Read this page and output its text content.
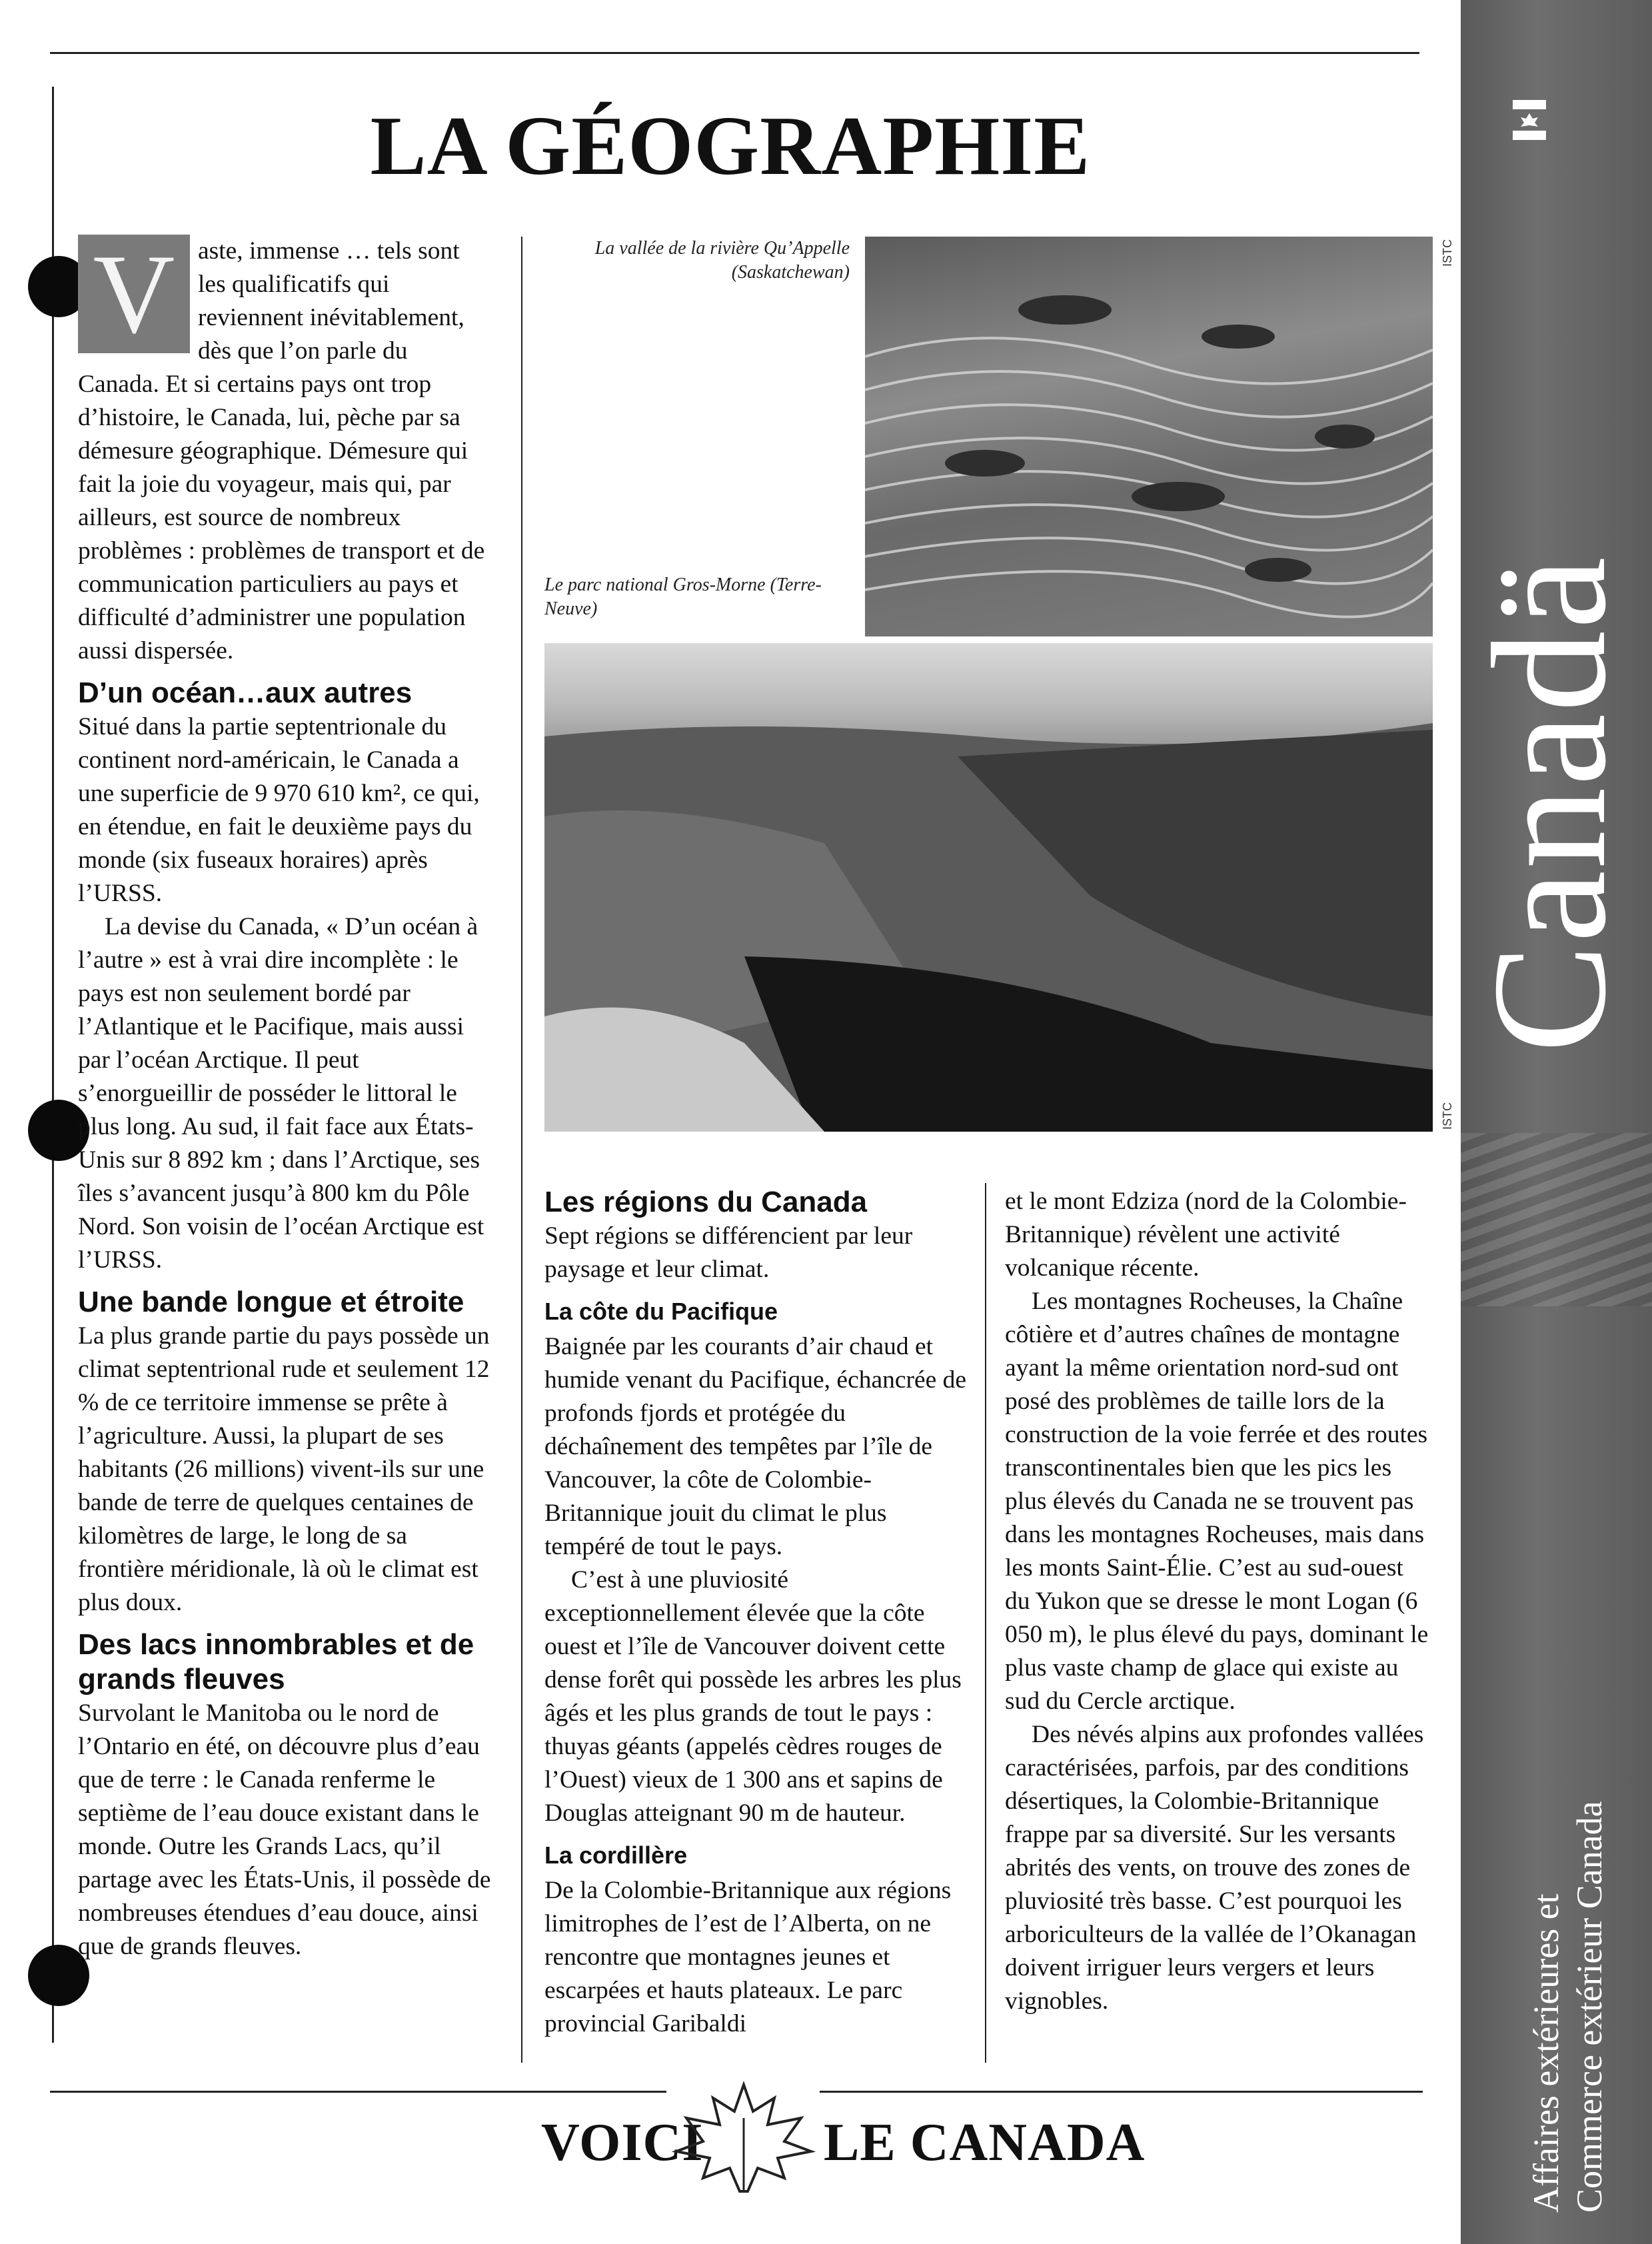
Canadä
Affaires extérieures et Commerce extérieur Canada
LA GÉOGRAPHIE

V aste, immense … tels sont les qualificatifs qui reviennent inévitablement, dès que l’on parle du Canada. Et si certains pays ont trop d’histoire, le Canada, lui, pèche par sa démesure géographique. Démesure qui fait la joie du voyageur, mais qui, par ailleurs, est source de nombreux problèmes : problèmes de transport et de communication particuliers au pays et difficulté d’administrer une population aussi dispersée.

D’un océan…aux autres

Situé dans la partie septentrionale du continent nord-américain, le Canada a une superficie de 9 970 610 km², ce qui, en étendue, en fait le deuxième pays du monde (six fuseaux horaires) après l’URSS.

La devise du Canada, « D’un océan à l’autre » est à vrai dire incomplète : le pays est non seulement bordé par l’Atlantique et le Pacifique, mais aussi par l’océan Arctique. Il peut s’enorgueillir de posséder le littoral le plus long. Au sud, il fait face aux États-Unis sur 8 892 km ; dans l’Arctique, ses îles s’avancent jusqu’à 800 km du Pôle Nord. Son voisin de l’océan Arctique est l’URSS.

Une bande longue et étroite

La plus grande partie du pays possède un climat septentrional rude et seulement 12 % de ce territoire immense se prête à l’agriculture. Aussi, la plupart de ses habitants (26 millions) vivent-ils sur une bande de terre de quelques centaines de kilomètres de large, le long de sa frontière méridionale, là où le climat est plus doux.

Des lacs innombrables et de grands fleuves

Survolant le Manitoba ou le nord de l’Ontario en été, on découvre plus d’eau que de terre : le Canada renferme le septième de l’eau douce existant dans le monde. Outre les Grands Lacs, qu’il partage avec les États-Unis, il possède de nombreuses étendues d’eau douce, ainsi que de grands fleuves.

La vallée de la rivière Qu’Appelle (Saskatchewan)
Le parc national Gros-Morne (Terre-Neuve)
ISTC
ISTC
Les régions du Canada

Sept régions se différencient par leur paysage et leur climat.

La côte du Pacifique

Baignée par les courants d’air chaud et humide venant du Pacifique, échancrée de profonds fjords et protégée du déchaînement des tempêtes par l’île de Vancouver, la côte de Colombie-Britannique jouit du climat le plus tempéré de tout le pays.

C’est à une pluviosité exceptionnellement élevée que la côte ouest et l’île de Vancouver doivent cette dense forêt qui possède les arbres les plus âgés et les plus grands de tout le pays : thuyas géants (appelés cèdres rouges de l’Ouest) vieux de 1 300 ans et sapins de Douglas atteignant 90 m de hauteur.

La cordillère

De la Colombie-Britannique aux régions limitrophes de l’est de l’Alberta, on ne rencontre que montagnes jeunes et escarpées et hauts plateaux. Le parc provincial Garibaldi

et le mont Edziza (nord de la Colombie-Britannique) révèlent une activité volcanique récente.

Les montagnes Rocheuses, la Chaîne côtière et d’autres chaînes de montagne ayant la même orientation nord-sud ont posé des problèmes de taille lors de la construction de la voie ferrée et des routes transcontinentales bien que les pics les plus élevés du Canada ne se trouvent pas dans les montagnes Rocheuses, mais dans les monts Saint-Élie. C’est au sud-ouest du Yukon que se dresse le mont Logan (6 050 m), le plus élevé du pays, dominant le plus vaste champ de glace qui existe au sud du Cercle arctique.

Des névés alpins aux profondes vallées caractérisées, parfois, par des conditions désertiques, la Colombie-Britannique frappe par sa diversité. Sur les versants abrités des vents, on trouve des zones de pluviosité très basse. C’est pourquoi les arboriculteurs de la vallée de l’Okanagan doivent irriguer leurs vergers et leurs vignobles.

VOICI LE CANADA
